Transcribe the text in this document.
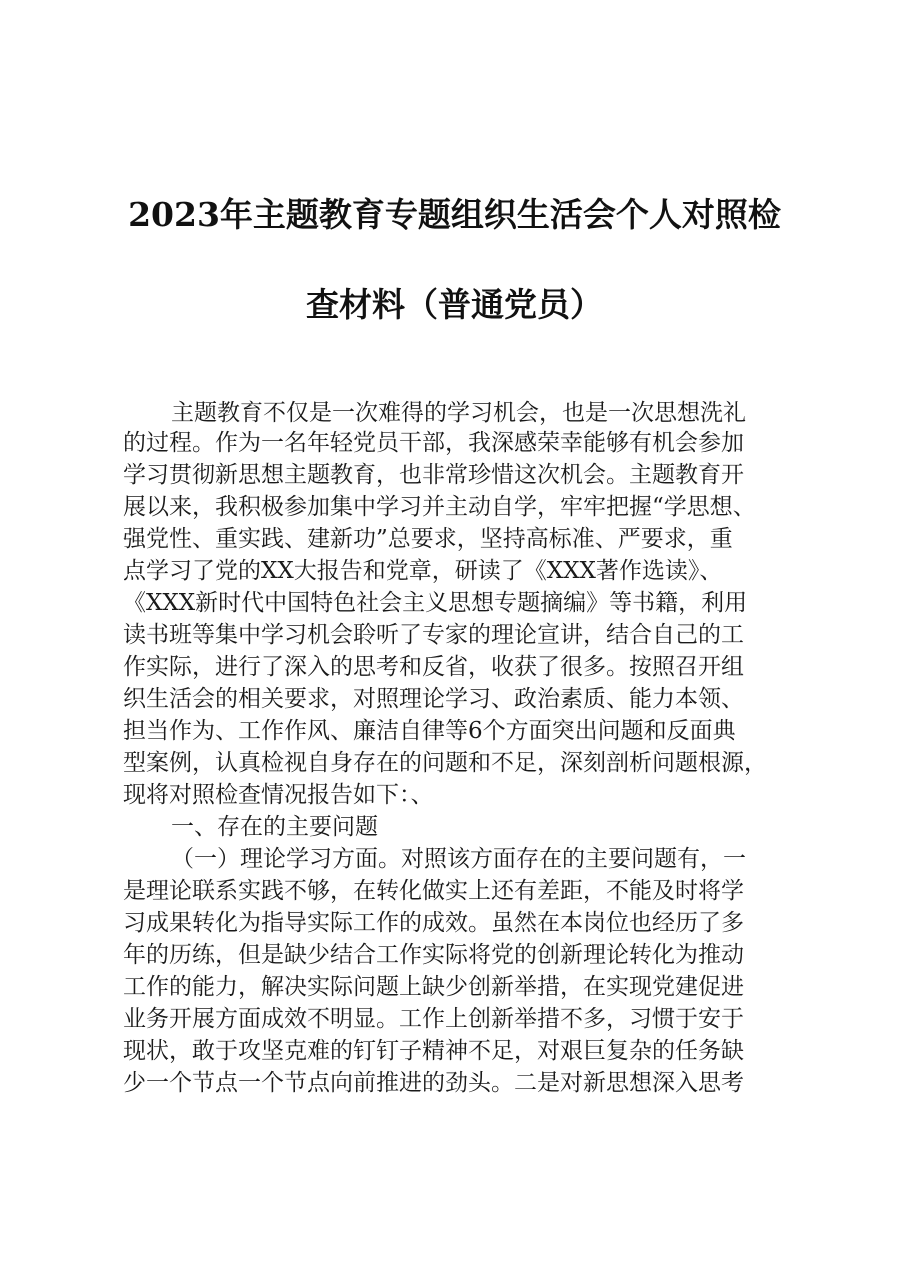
2023年主题教育专题组织生活会个人对照检
查材料（普通党员）
主题教育不仅是一次难得的学习机会，也是一次思想洗礼
的过程。作为一名年轻党员干部，我深感荣幸能够有机会参加
学习贯彻新思想主题教育，也非常珍惜这次机会。主题教育开
展以来，我积极参加集中学习并主动自学，牢牢把握“学思想、
强党性、重实践、建新功”总要求，坚持高标准、严要求，重
点学习了党的XX大报告和党章，研读了《XXX著作选读》、
《XXX新时代中国特色社会主义思想专题摘编》等书籍，利用
读书班等集中学习机会聆听了专家的理论宣讲，结合自己的工
作实际，进行了深入的思考和反省，收获了很多。按照召开组
织生活会的相关要求，对照理论学习、政治素质、能力本领、
担当作为、工作作风、廉洁自律等6个方面突出问题和反面典
型案例，认真检视自身存在的问题和不足，深刻剖析问题根源，
现将对照检查情况报告如下：、
一、存在的主要问题
（一）理论学习方面。对照该方面存在的主要问题有，一
是理论联系实践不够，在转化做实上还有差距，不能及时将学
习成果转化为指导实际工作的成效。虽然在本岗位也经历了多
年的历练，但是缺少结合工作实际将党的创新理论转化为推动
工作的能力，解决实际问题上缺少创新举措，在实现党建促进
业务开展方面成效不明显。工作上创新举措不多，习惯于安于
现状，敢于攻坚克难的钉钉子精神不足，对艰巨复杂的任务缺
少一个节点一个节点向前推进的劲头。二是对新思想深入思考
